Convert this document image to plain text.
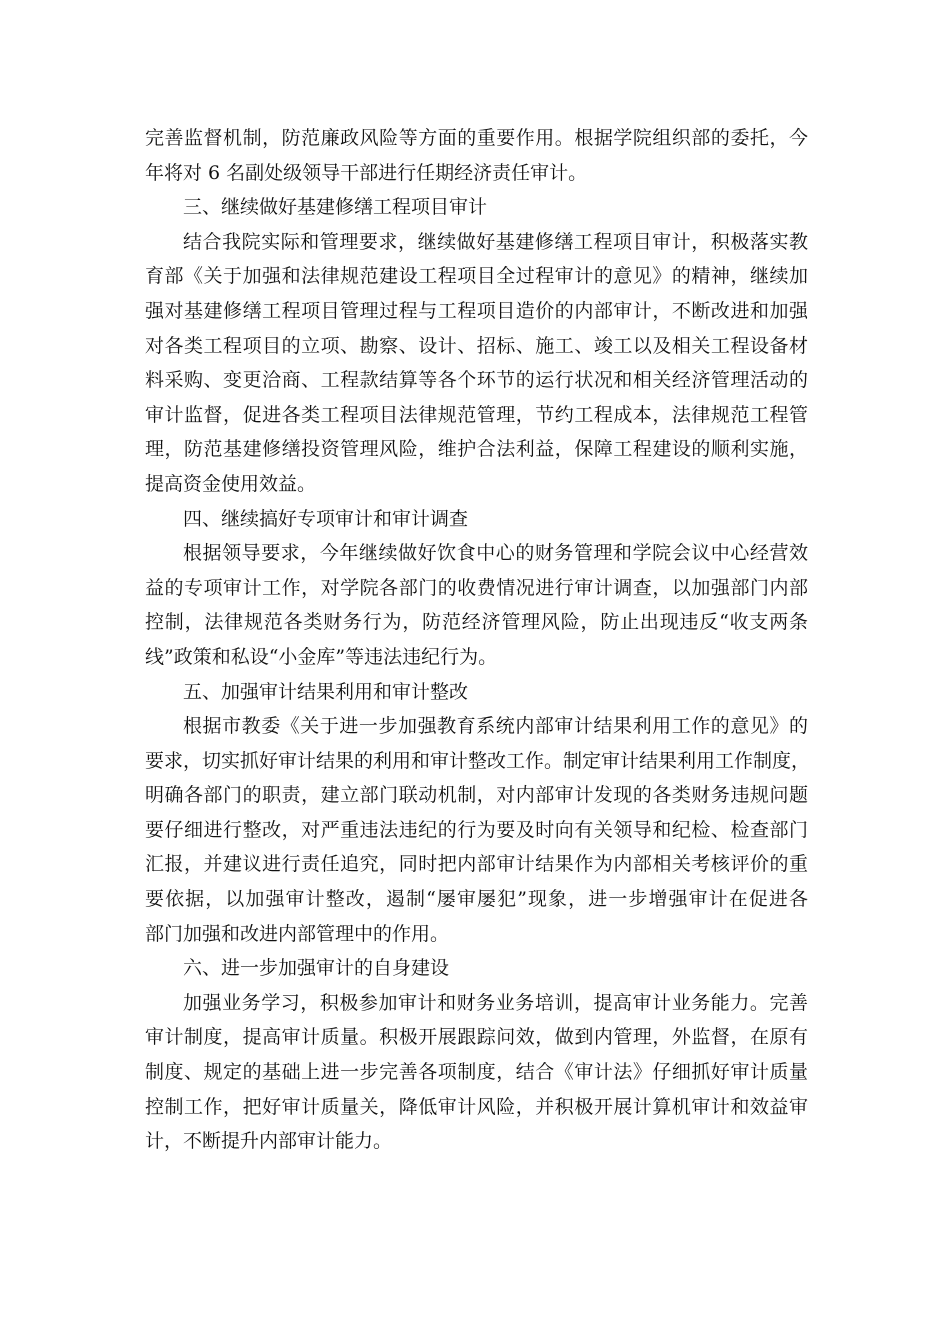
完善监督机制，防范廉政风险等方面的重要作用。根据学院组织部的委托，今
年将对 6 名副处级领导干部进行任期经济责任审计。
三、继续做好基建修缮工程项目审计
结合我院实际和管理要求，继续做好基建修缮工程项目审计，积极落实教
育部《关于加强和法律规范建设工程项目全过程审计的意见》的精神，继续加
强对基建修缮工程项目管理过程与工程项目造价的内部审计，不断改进和加强
对各类工程项目的立项、勘察、设计、招标、施工、竣工以及相关工程设备材
料采购、变更洽商、工程款结算等各个环节的运行状况和相关经济管理活动的
审计监督，促进各类工程项目法律规范管理，节约工程成本，法律规范工程管
理，防范基建修缮投资管理风险，维护合法利益，保障工程建设的顺利实施，
提高资金使用效益。
四、继续搞好专项审计和审计调查
根据领导要求，今年继续做好饮食中心的财务管理和学院会议中心经营效
益的专项审计工作，对学院各部门的收费情况进行审计调查，以加强部门内部
控制，法律规范各类财务行为，防范经济管理风险，防止出现违反“收支两条
线”政策和私设“小金库”等违法违纪行为。
五、加强审计结果利用和审计整改
根据市教委《关于进一步加强教育系统内部审计结果利用工作的意见》的
要求，切实抓好审计结果的利用和审计整改工作。制定审计结果利用工作制度，
明确各部门的职责，建立部门联动机制，对内部审计发现的各类财务违规问题
要仔细进行整改，对严重违法违纪的行为要及时向有关领导和纪检、检查部门
汇报，并建议进行责任追究，同时把内部审计结果作为内部相关考核评价的重
要依据，以加强审计整改，遏制“屡审屡犯”现象，进一步增强审计在促进各
部门加强和改进内部管理中的作用。
六、进一步加强审计的自身建设
加强业务学习，积极参加审计和财务业务培训，提高审计业务能力。完善
审计制度，提高审计质量。积极开展跟踪问效，做到内管理，外监督，在原有
制度、规定的基础上进一步完善各项制度，结合《审计法》仔细抓好审计质量
控制工作，把好审计质量关，降低审计风险，并积极开展计算机审计和效益审
计，不断提升内部审计能力。
